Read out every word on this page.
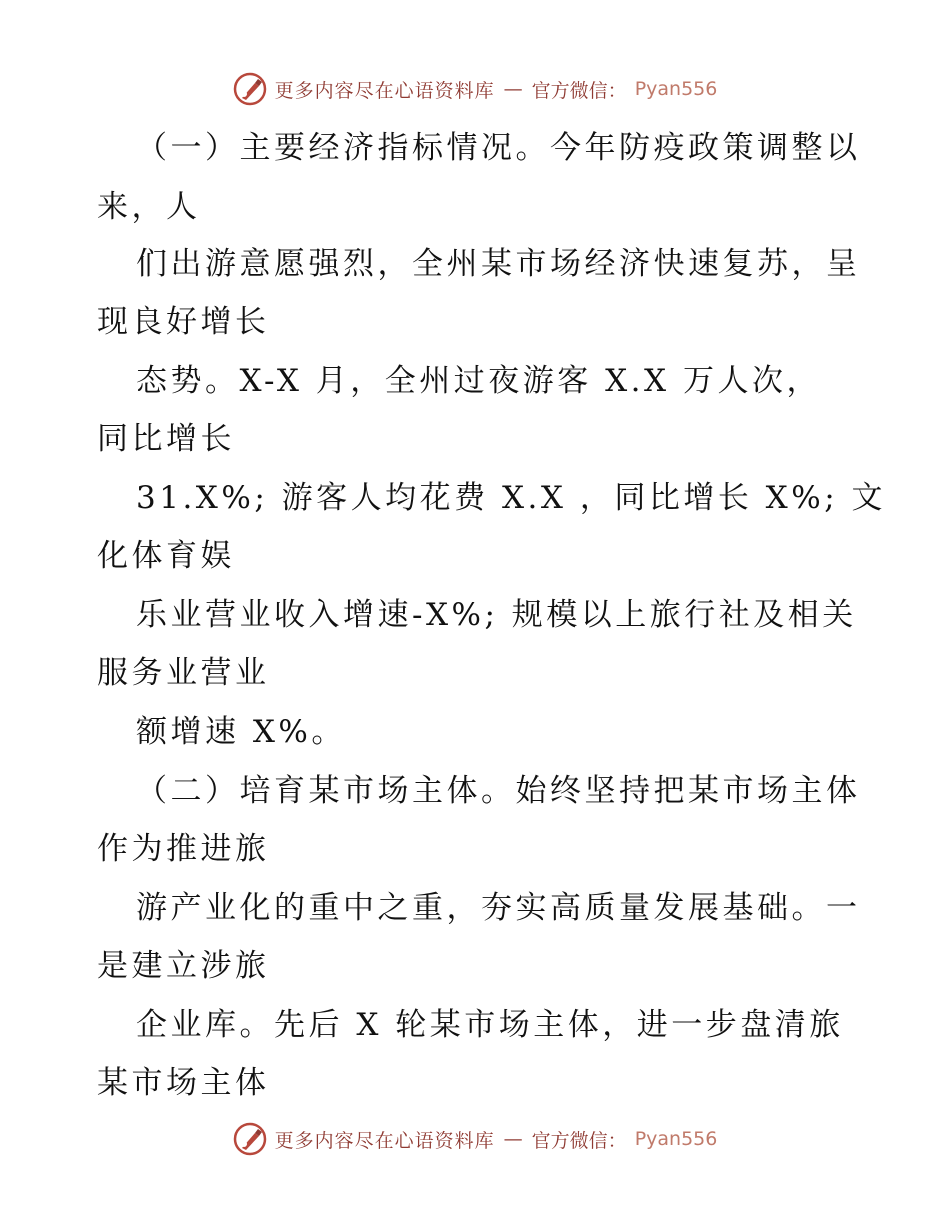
更多内容尽在心语资料库 — 官方微信： Pyan556
（一）主要经济指标情况。今年防疫政策调整以
来，人
们出游意愿强烈，全州某市场经济快速复苏，呈
现良好增长
态势。X-X 月，全州过夜游客 X.X 万人次，
同比增长
31.X%; 游客人均花费 X.X ，同比增长 X%; 文
化体育娱
乐业营业收入增速-X%; 规模以上旅行社及相关
服务业营业
额增速 X%。
（二）培育某市场主体。始终坚持把某市场主体
作为推进旅
游产业化的重中之重，夯实高质量发展基础。一
是建立涉旅
企业库。先后 X 轮某市场主体，进一步盘清旅
某市场主体
更多内容尽在心语资料库 — 官方微信： Pyan556
